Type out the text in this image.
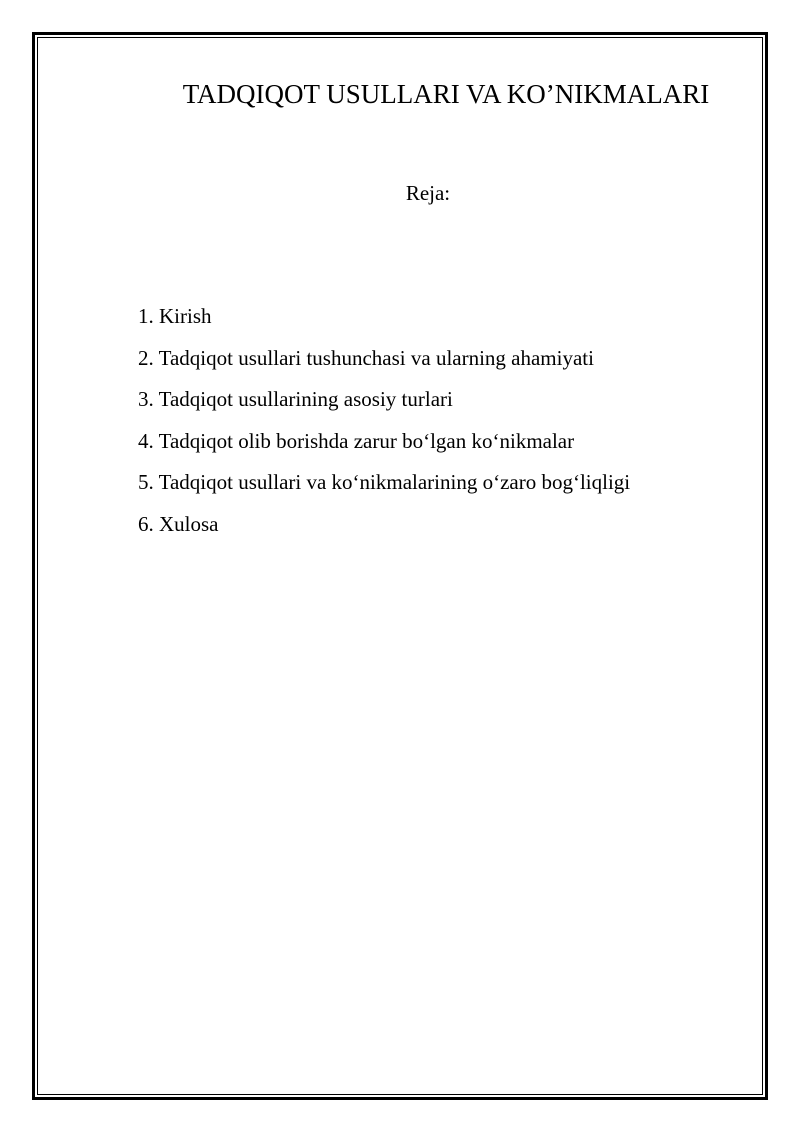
TADQIQOT USULLARI VA KO’NIKMALARI
Reja:
1. Kirish
2. Tadqiqot usullari tushunchasi va ularning ahamiyati
3. Tadqiqot usullarining asosiy turlari
4. Tadqiqot olib borishda zarur bo‘lgan ko‘nikmalar
5. Tadqiqot usullari va ko‘nikmalarining o‘zaro bog‘liqligi
6. Xulosa
